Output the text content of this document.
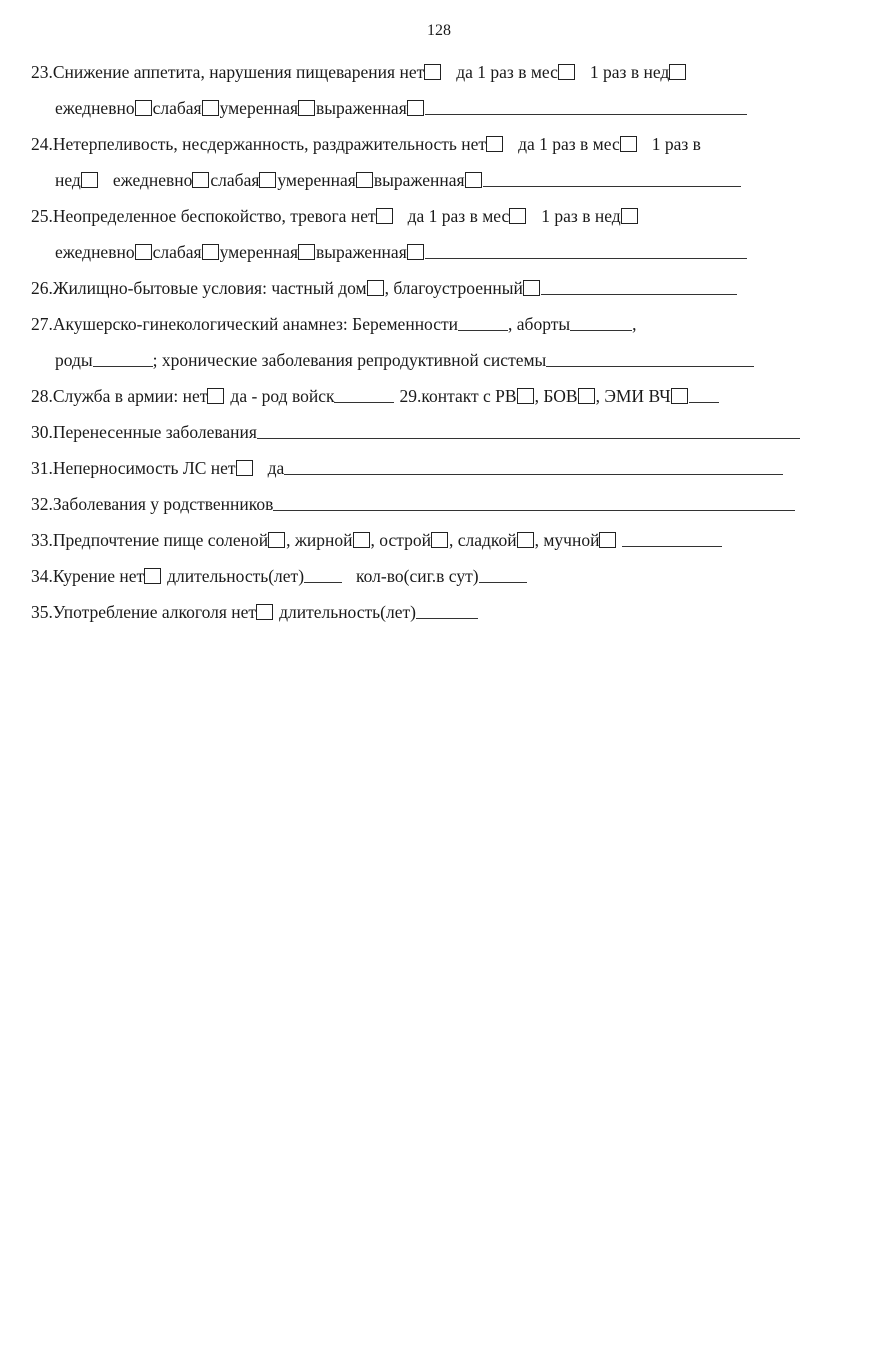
128
23.Снижение аппетита, нарушения пищеварения нет да 1 раз в мес 1 раз в нед
ежедневно слабая умеренная выраженная
24.Нетерпеливость, несдержанность, раздражительность нет да 1 раз в мес 1 раз в
нед ежедневно слабая умеренная выраженная
25.Неопределенное беспокойство, тревога нет да 1 раз в мес 1 раз в нед
ежедневно слабая умеренная выраженная
26.Жилищно-бытовые условия: частный дом , благоустроенный
27.Акушерско-гинекологический анамнез: Беременности	, аборты	,
роды	; хронические заболевания репродуктивной системы
28.Служба в армии: нет да - род войск	29.контакт с РВ , БОВ , ЭМИ ВЧ
30.Перенесенные заболевания
31.Неперносимость ЛС нет да
32.Заболевания у родственников
33.Предпочтение пище соленой , жирной , острой , сладкой , мучной
34.Курение нет длительность(лет)	кол-во(сиг.в сут)
35.Употребление алкоголя нет длительность(лет)
